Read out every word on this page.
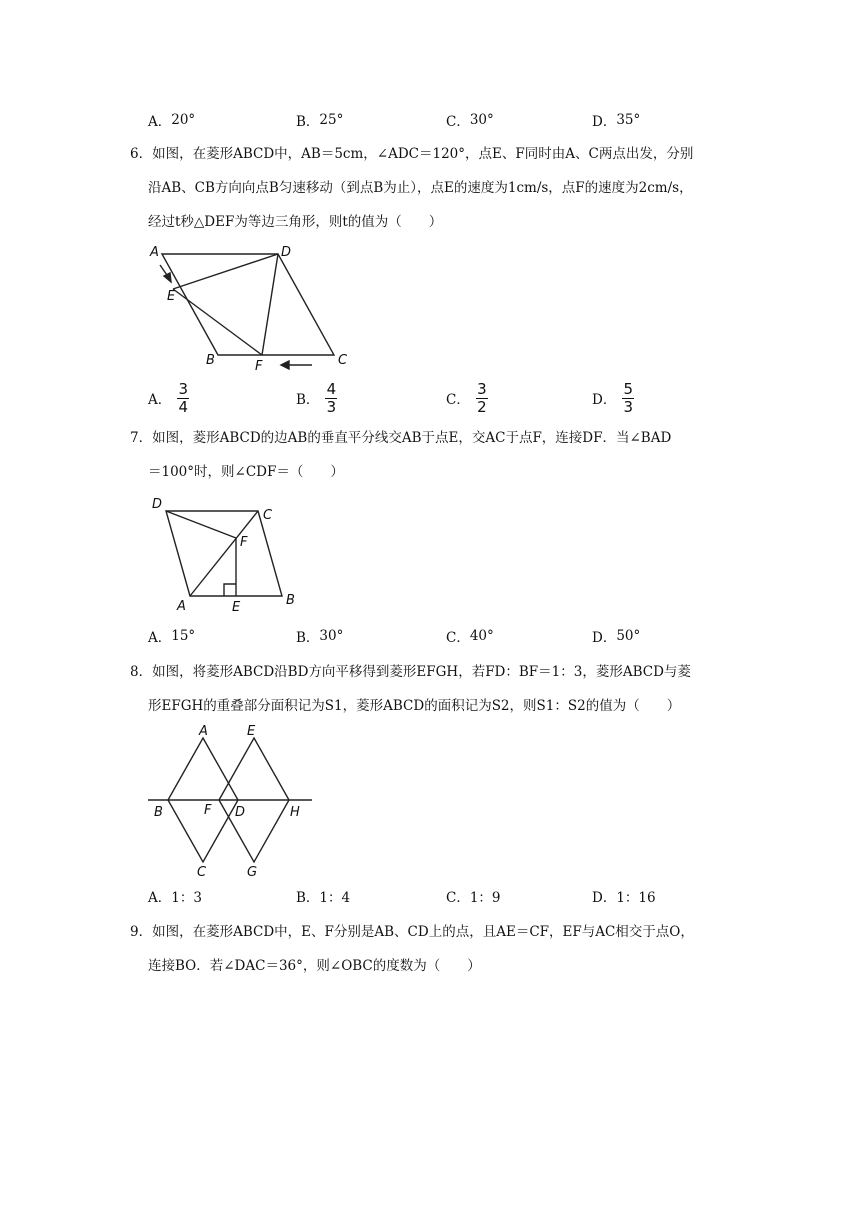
A． 20°	B． 25°	C． 30°	D． 35°
6．如图，在菱形ABCD中，AB＝5cm，∠ADC＝120°，点E、F同时由A、C两点出发，分别
沿AB、CB方向向点B匀速移动（到点B为止），点E的速度为1cm/s，点F的速度为2cm/s，
经过t秒△DEF为等边三角形，则t的值为（　　）
A	D
E
B	F	C
A． $\frac{3}{4}$	B． $\frac{4}{3}$	C． $\frac{3}{2}$	D． $\frac{5}{3}$
7．如图，菱形ABCD的边AB的垂直平分线交AB于点E，交AC于点F，连接DF．当∠BAD
＝100°时，则∠CDF＝（　　）
D
C
F
A	E	B
A． 15°	B． 30°	C． 40°	D． 50°
8．如图，将菱形ABCD沿BD方向平移得到菱形EFGH，若FD：BF＝1：3，菱形ABCD与菱
形EFGH的重叠部分面积记为S1，菱形ABCD的面积记为S2，则S1：S2的值为（　　）
A	E
B	F D	H
C	G
A． 1：3	B． 1：4	C． 1：9	D． 1：16
9．如图，在菱形ABCD中，E、F分别是AB、CD上的点，且AE＝CF，EF与AC相交于点O，
连接BO．若∠DAC＝36°，则∠OBC的度数为（　　）
